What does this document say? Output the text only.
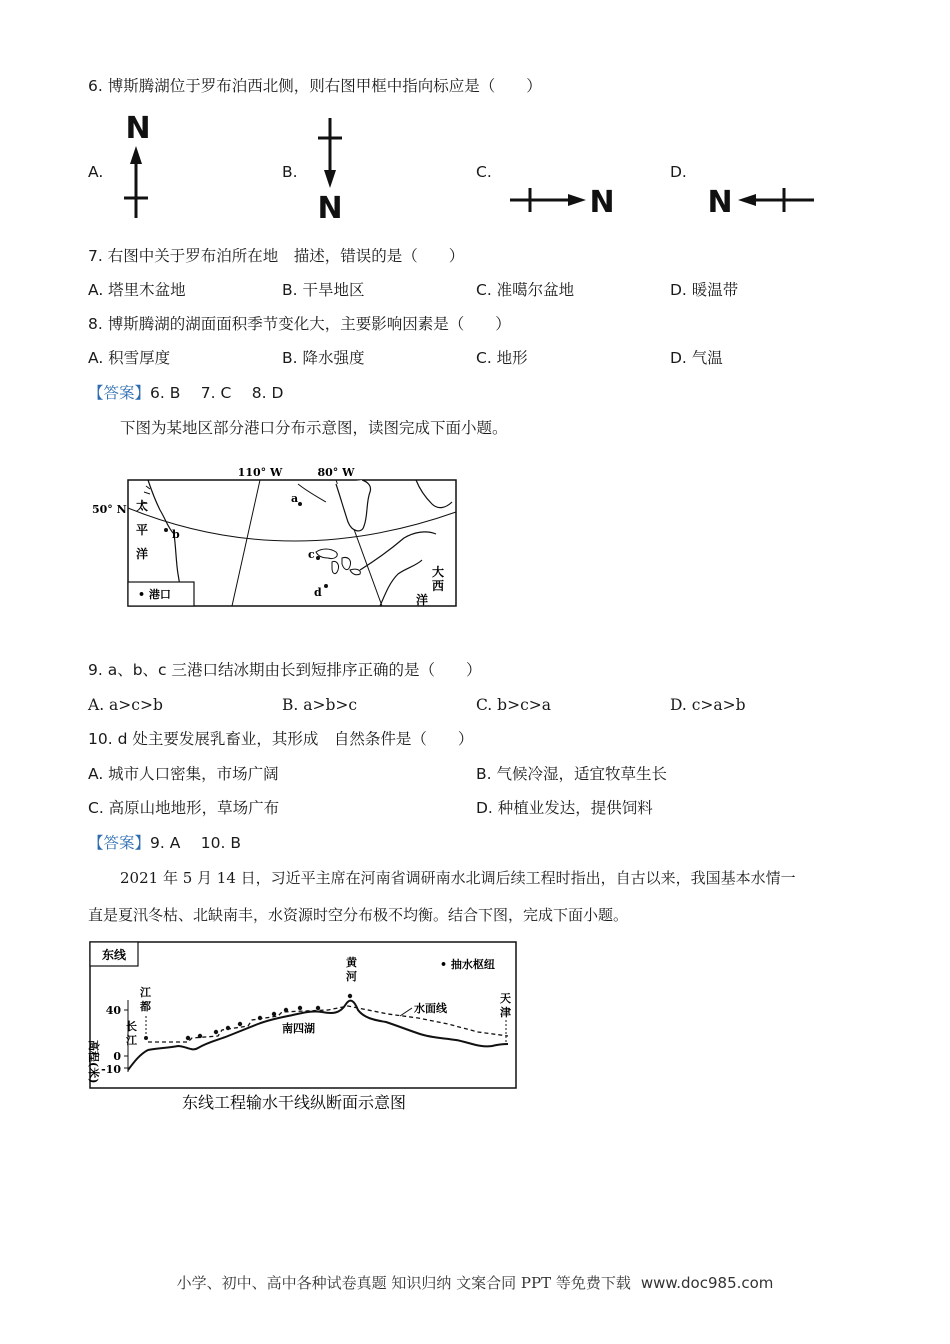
6. 博斯腾湖位于罗布泊西北侧，则右图甲框中指向标应是（　　）
A.
N
B.
N
C.
N
D.
N
7. 右图中关于罗布泊所在地　描述，错误的是（　　）
A. 塔里木盆地	B. 干旱地区	C. 准噶尔盆地	D. 暖温带
8. 博斯腾湖的湖面面积季节变化大，主要影响因素是（　　）
A. 积雪厚度	B. 降水强度	C. 地形	D. 气温
【答案】6. B　 7. C　 8. D
下图为某地区部分港口分布示意图，读图完成下面小题。
110° W	80° W
50° N 太
平
洋
大
西
洋
a
b
c
d
• 港口
9. a、b、c 三港口结冰期由长到短排序正确的是（　　）
A. a>c>b	B. a>b>c	C. b>c>a	D. c>a>b
10. d 处主要发展乳畜业，其形成　自然条件是（　　）
A. 城市人口密集，市场广阔	B. 气候冷湿，适宜牧草生长
C. 高原山地地形，草场广布	D. 种植业发达，提供饲料
【答案】9. A　 10. B
2021 年 5 月 14 日，习近平主席在河南省调研南水北调后续工程时指出，自古以来，我国基本水情一
直是夏汛冬枯、北缺南丰，水资源时空分布极不均衡。结合下图，完成下面小题。
东线
• 抽水枢纽
40
0
-10
高程(米)
江
都
长
江
黄
河
天
津
南四湖
水面线
东线工程输水干线纵断面示意图
小学、初中、高中各种试卷真题 知识归纳 文案合同 PPT 等免费下载 www.doc985.com
